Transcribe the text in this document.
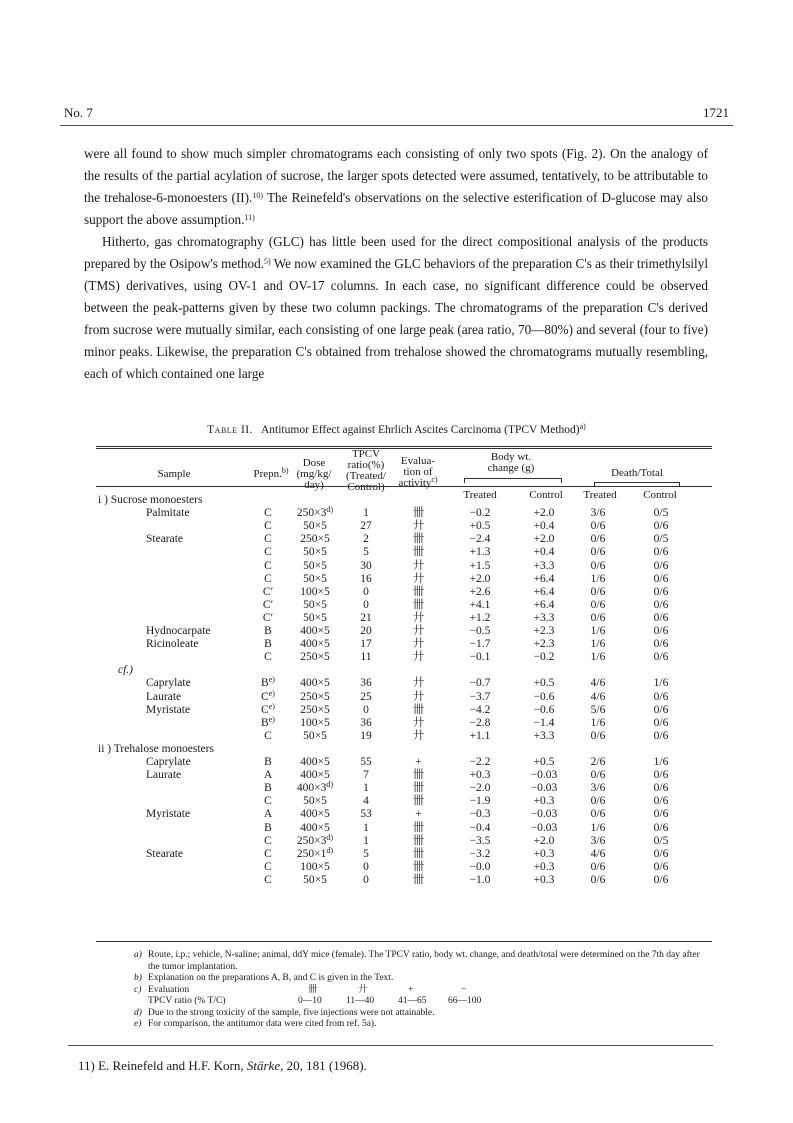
No. 7	1721

were all found to show much simpler chromatograms each consisting of only two spots (Fig. 2). On the analogy of the results of the partial acylation of sucrose, the larger spots detected were assumed, tentatively, to be attributable to the trehalose-6-monoesters (II).$^{10)}$ The Reinefeld's observations on the selective esterification of D-glucose may also support the above assumption.$^{11)}$

Hitherto, gas chromatography (GLC) has little been used for the direct compositional analysis of the products prepared by the Osipow's method.$^{5)}$ We now examined the GLC behaviors of the preparation C's as their trimethylsilyl (TMS) derivatives, using OV-1 and OV-17 columns. In each case, no significant difference could be observed between the peak-patterns given by these two column packings. The chromatograms of the preparation C's derived from sucrose were mutually similar, each consisting of one large peak (area ratio, 70—80%) and several (four to five) minor peaks. Likewise, the preparation C's obtained from trehalose showed the chromatograms mutually resembling, each of which contained one large

Table II. Antitumor Effect against Ehrlich Ascites Carcinoma (TPCV Method)$^{a)}$
Sample	Prepn.$^{b)}$
Dose
(mg/kg/
day)
TPCV
ratio(%)
(Treated/
Control)
Evalua-
tion of
activity$^{c)}$
Body wt.
change (g)
Treated	Control
Death/Total
Treated	Control
i ) Sucrose monoesters
Palmitate	C	$250\times 3^{d)}$	1	卌	−0.2	+2.0	3/6	0/5
C	50×5	27	廾	+0.5	+0.4	0/6	0/6
Stearate	C	250×5	2	卌	−2.4	+2.0	0/6	0/5
C	50×5	5	卌	+1.3	+0.4	0/6	0/6
C	50×5	30	廾	+1.5	+3.3	0/6	0/6
C	50×5	16	廾	+2.0	+6.4	1/6	0/6
C′	100×5	0	卌	+2.6	+6.4	0/6	0/6
C′	50×5	0	卌	+4.1	+6.4	0/6	0/6
C′	50×5	21	廾	+1.2	+3.3	0/6	0/6
Hydnocarpate	B	400×5	20	廾	−0.5	+2.3	1/6	0/6
Ricinoleate	B	400×5	17	廾	−1.7	+2.3	1/6	0/6
C	250×5	11	廾	−0.1	−0.2	1/6	0/6
cf.)
Caprylate	$B^{e)}$	400×5	36	廾	−0.7	+0.5	4/6	1/6
Laurate	$C^{e)}$	250×5	25	廾	−3.7	−0.6	4/6	0/6
Myristate	$C^{e)}$	250×5	0	卌	−4.2	−0.6	5/6	0/6
$B^{e)}$	100×5	36	廾	−2.8	−1.4	1/6	0/6
C	50×5	19	廾	+1.1	+3.3	0/6	0/6
ii ) Trehalose monoesters
Caprylate	B	400×5	55	+	−2.2	+0.5	2/6	1/6
Laurate	A	400×5	7	卌	+0.3	−0.03	0/6	0/6
B	$400\times 3^{d)}$	1	卌	−2.0	−0.03	3/6	0/6
C	50×5	4	卌	−1.9	+0.3	0/6	0/6
Myristate	A	400×5	53	+	−0.3	−0.03	0/6	0/6
B	400×5	1	卌	−0.4	−0.03	1/6	0/6
C	$250\times 3^{d)}$	1	卌	−3.5	+2.0	3/6	0/5
Stearate	C	$250\times 1^{d)}$	5	卌	−3.2	+0.3	4/6	0/6
C	100×5	0	卌	−0.0	+0.3	0/6	0/6
C	50×5	0	卌	−1.0	+0.3	0/6	0/6
a) Route, i.p.; vehicle, N-saline; animal, ddY mice (female). The TPCV ratio, body wt. change, and death/total were determined on the 7th day after the tumor implantation.
b) Explanation on the preparations A, B, and C is given in the Text.
c) Evaluation	卌	廾	+	−
TPCV ratio (% T/C)	0—10	11—40	41—65 66—100
d) Due to the strong toxicity of the sample, five injections were not attainable.
e) For comparison, the antitumor data were cited from ref. 5a).
11) E. Reinefeld and H.F. Korn, Stärke, 20, 181 (1968).
